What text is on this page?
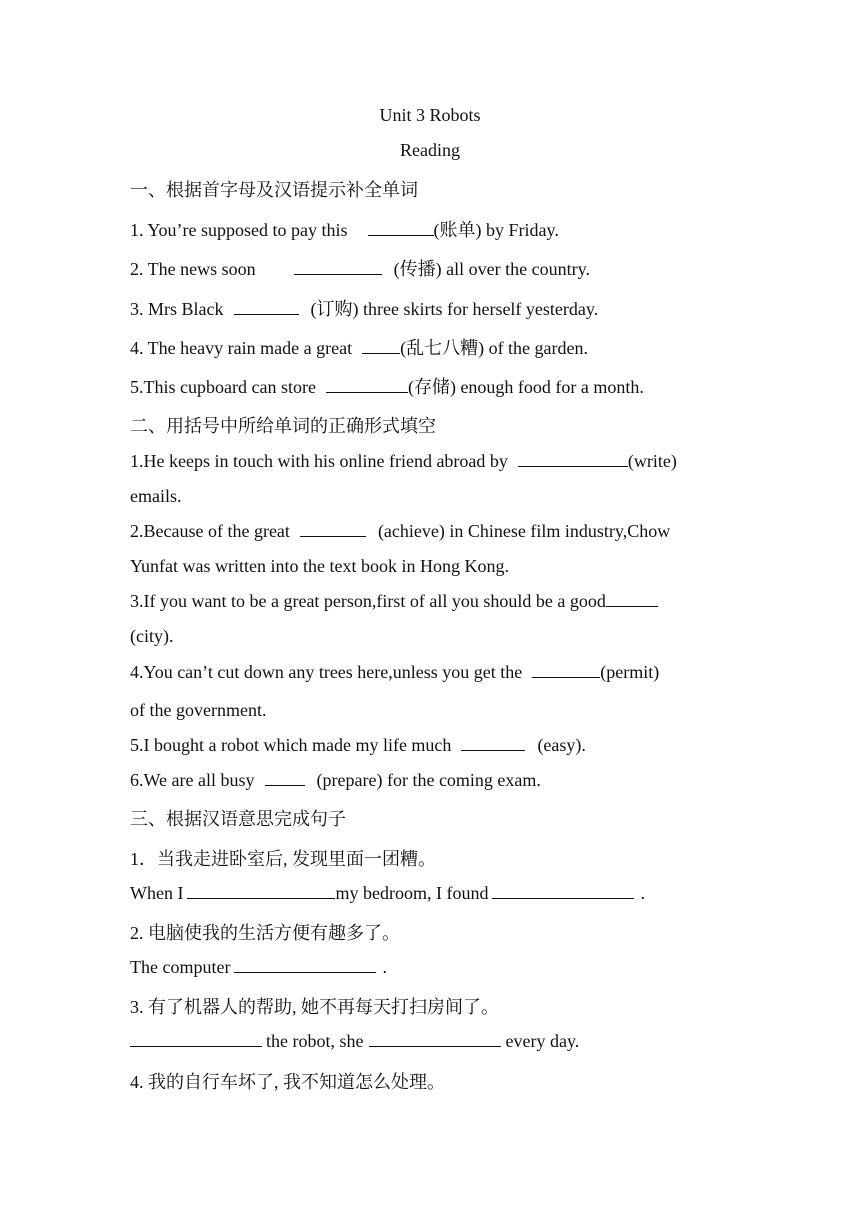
Unit 3 Robots
Reading
一、根据首字母及汉语提示补全单词
1. You’re supposed to pay this	(账单) by Friday.
2. The news soon	(传播) all over the country.
3. Mrs Black	(订购) three skirts for herself yesterday.
4. The heavy rain made a great	(乱七八糟) of the garden.
5.This cupboard can store	(存储) enough food for a month.
二、用括号中所给单词的正确形式填空
1.He keeps in touch with his online friend abroad by	(write)
emails.
2.Because of the great	(achieve) in Chinese film industry,Chow
Yunfat was written into the text book in Hong Kong.
3.If you want to be a great person,first of all you should be a good
(city).
4.You can’t cut down any trees here,unless you get the	(permit)
of the government.
5.I bought a robot which made my life much	(easy).
6.We are all busy	(prepare) for the coming exam.
三、根据汉语意思完成句子
1．当我走进卧室后, 发现里面一团糟。
When I	my bedroom, I found	.
2. 电脑使我的生活方便有趣多了。
The computer	.
3. 有了机器人的帮助, 她不再每天打扫房间了。
the robot, she	every day.
4. 我的自行车坏了, 我不知道怎么处理。
